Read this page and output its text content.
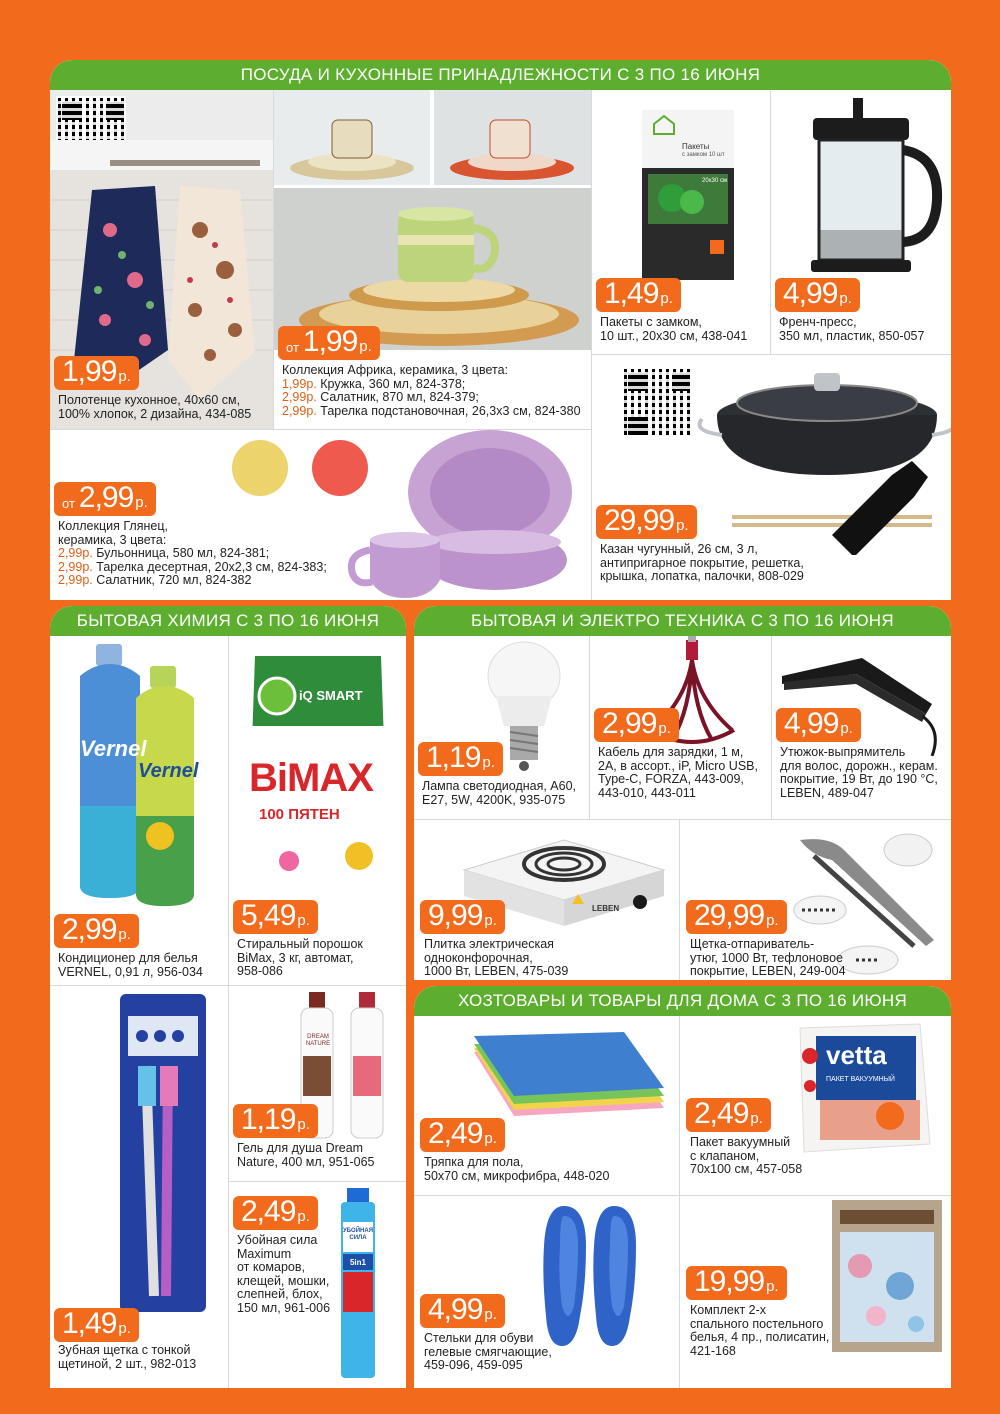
ПОСУДА И КУХОННЫЕ ПРИНАДЛЕЖНОСТИ С 3 ПО 16 ИЮНЯ
1,99 р.
Полотенце кухонное, 40х60 см,
100% хлопок, 2 дизайна, 434-085
от 1,99 р.
Коллекция Африка, керамика, 3 цвета:
1,99р. Кружка, 360 мл, 824-378;
2,99р. Салатник, 870 мл, 824-379;
2,99р. Тарелка подстановочная, 26,3х3 см, 824-380
Пакеты
с замком 10 шт
20x30 см
1,49 р.
Пакеты с замком,
10 шт., 20х30 см, 438-041
4,99 р.
Френч-пресс,
350 мл, пластик, 850-057
от 2,99 р.
Коллекция Глянец,
керамика, 3 цвета:
2,99р. Бульонница, 580 мл, 824-381;
2,99р. Тарелка десертная, 20х2,3 см, 824-383;
2,99р. Салатник, 720 мл, 824-382
29,99 р.
Казан чугунный, 26 см, 3 л,
антипригарное покрытие, решетка,
крышка, лопатка, палочки, 808-029
БЫТОВАЯ ХИМИЯ С 3 ПО 16 ИЮНЯ
Vernel
Vernel
2,99 р.
Кондиционер для белья
VERNEL, 0,91 л, 956-034
iQ SMART
BiMAX
100 ПЯТЕН
5,49 р.
Стиральный порошок
BiMax, 3 кг, автомат,
958-086
1,49 р.
Зубная щетка с тонкой
щетиной, 2 шт., 982-013
DREAM NATURE
1,19 р.
Гель для душа Dream
Nature, 400 мл, 951-065
УБОЙНАЯ СИЛА
5in1
2,49 р.
Убойная сила
Maximum
от комаров,
клещей, мошки,
слепней, блох,
150 мл, 961-006
БЫТОВАЯ И ЭЛЕКТРО ТЕХНИКА С 3 ПО 16 ИЮНЯ
1,19 р.
Лампа светодиодная, А60,
Е27, 5W, 4200K, 935-075
2,99 р.
Кабель для зарядки, 1 м,
2A, в ассорт., iP, Micro USB,
Type-C, FORZA, 443-009,
443-010, 443-011
4,99 р.
Утюжок-выпрямитель
для волос, дорожн., керам.
покрытие, 19 Вт, до 190 °С,
LEBEN, 489-047
LEBEN
9,99 р.
Плитка электрическая
одноконфорочная,
1000 Вт, LEBEN, 475-039
29,99 р.
Щетка-отпариватель-
утюг, 1000 Вт, тефлоновое
покрытие, LEBEN, 249-004
ХОЗТОВАРЫ И ТОВАРЫ ДЛЯ ДОМА С 3 ПО 16 ИЮНЯ
2,49 р.
Тряпка для пола,
50х70 см, микрофибра, 448-020
vetta
ПАКЕТ ВАКУУМНЫЙ
2,49 р.
Пакет вакуумный
с клапаном,
70х100 см, 457-058
4,99 р.
Стельки для обуви
гелевые смягчающие,
459-096, 459-095
19,99 р.
Комплект 2-х
спального постельного
белья, 4 пр., полисатин,
421-168
